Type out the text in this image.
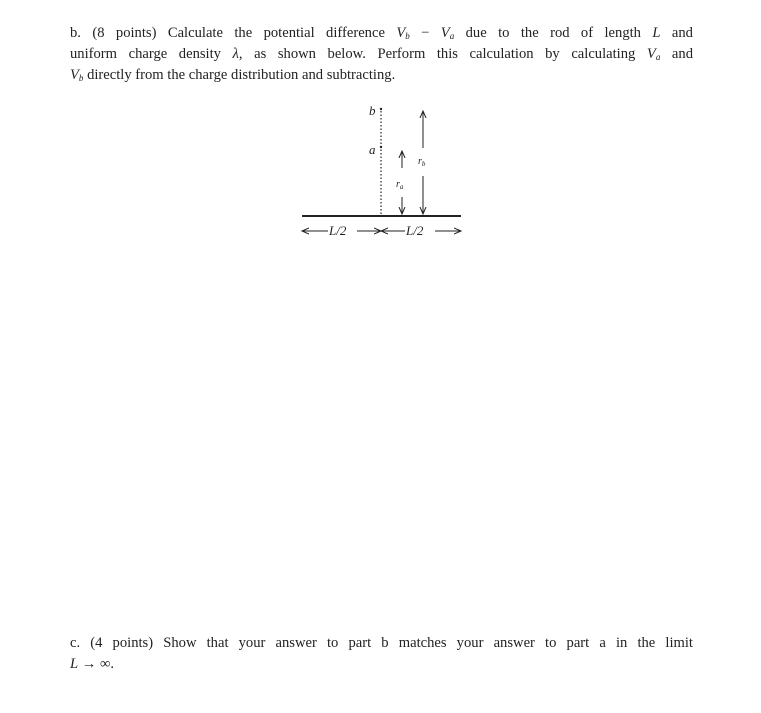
b. (8 points) Calculate the potential difference $V_b - V_a$ due to the rod of length L and
uniform charge density λ, as shown below. Perform this calculation by calculating $V_a$ and
$V_b$ directly from the charge distribution and subtracting.
b
a
$r_a$
$r_b$
L/2	L/2
c. (4 points) Show that your answer to part b matches your answer to part a in the limit
L → ∞.
